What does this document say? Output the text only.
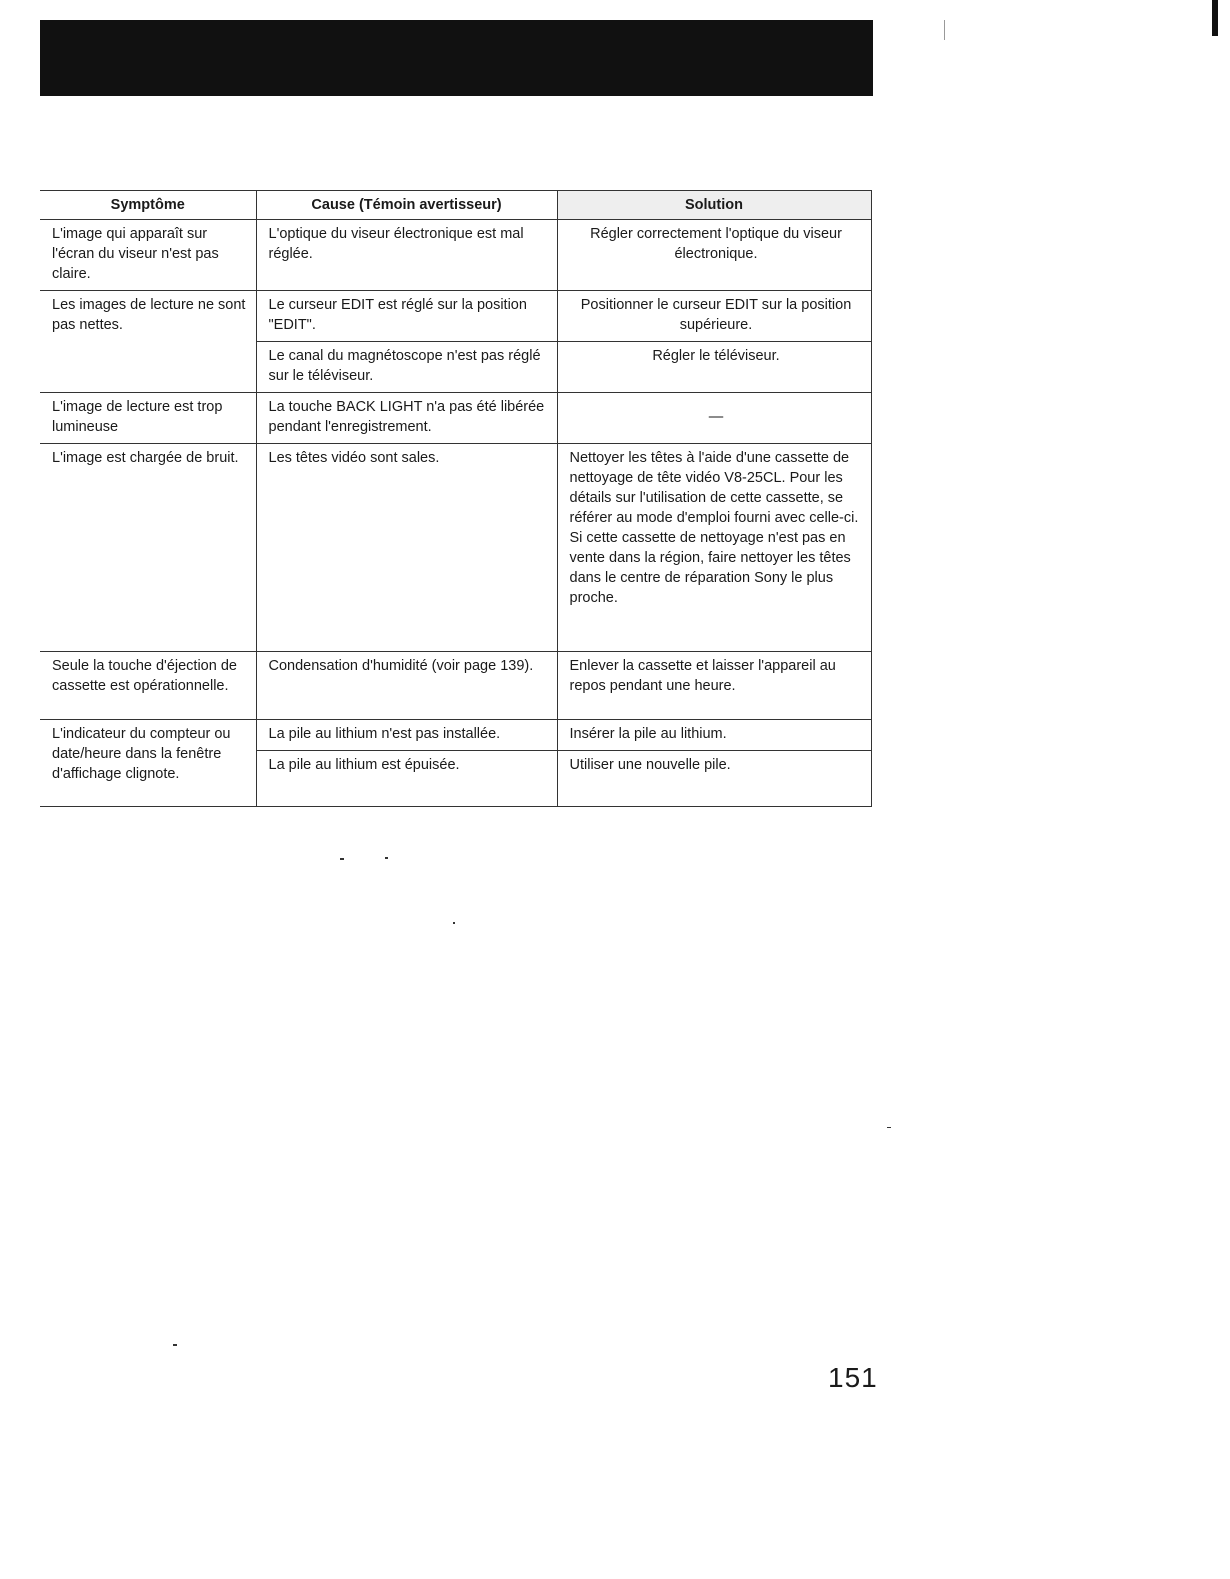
Symptôme	Cause (Témoin avertisseur)	Solution
L'image qui apparaît sur l'écran du viseur n'est pas claire.	L'optique du viseur électronique est mal réglée.	Régler correctement l'optique du viseur électronique.
Les images de lecture ne sont pas nettes.	Le curseur EDIT est réglé sur la position "EDIT".	Positionner le curseur EDIT sur la position supérieure.
	Le canal du magnétoscope n'est pas réglé sur le téléviseur.	Régler le téléviseur.
L'image de lecture est trop lumineuse	La touche BACK LIGHT n'a pas été libérée pendant l'enregistrement.	—
L'image est chargée de bruit.	Les têtes vidéo sont sales.	Nettoyer les têtes à l'aide d'une cassette de nettoyage de tête vidéo V8-25CL. Pour les détails sur l'utilisation de cette cassette, se référer au mode d'emploi fourni avec celle-ci. Si cette cassette de nettoyage n'est pas en vente dans la région, faire nettoyer les têtes dans le centre de réparation Sony le plus proche.
Seule la touche d'éjection de cassette est opérationnelle.	Condensation d'humidité (voir page 139).	Enlever la cassette et laisser l'appareil au repos pendant une heure.
L'indicateur du compteur ou date/heure dans la fenêtre d'affichage clignote.	La pile au lithium n'est pas installée.	Insérer la pile au lithium.
	La pile au lithium est épuisée.	Utiliser une nouvelle pile.
151
